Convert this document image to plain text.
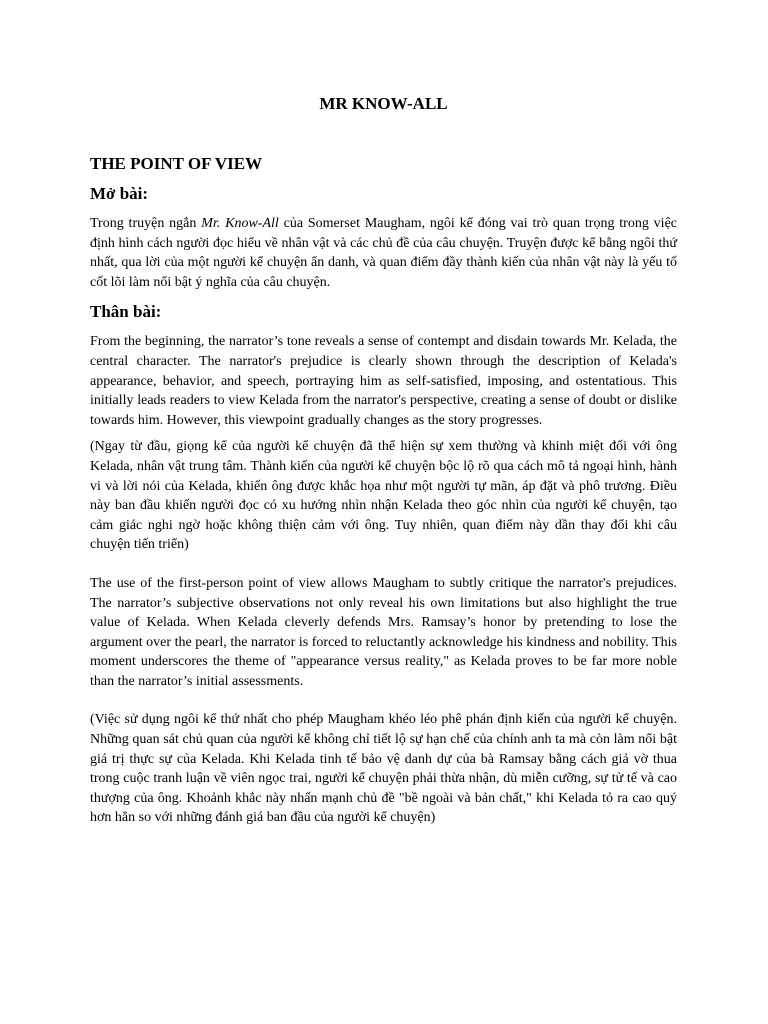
MR KNOW-ALL
THE POINT OF VIEW
Mở bài:

Trong truyện ngắn Mr. Know-All của Somerset Maugham, ngôi kể đóng vai trò quan trọng trong việc định hình cách người đọc hiểu về nhân vật và các chủ đề của câu chuyện. Truyện được kể bằng ngôi thứ nhất, qua lời của một người kể chuyện ẩn danh, và quan điểm đầy thành kiến của nhân vật này là yếu tố cốt lõi làm nổi bật ý nghĩa của câu chuyện.

Thân bài:

From the beginning, the narrator’s tone reveals a sense of contempt and disdain towards Mr. Kelada, the central character. The narrator's prejudice is clearly shown through the description of Kelada's appearance, behavior, and speech, portraying him as self-satisfied, imposing, and ostentatious. This initially leads readers to view Kelada from the narrator's perspective, creating a sense of doubt or dislike towards him. However, this viewpoint gradually changes as the story progresses.

(Ngay từ đầu, giọng kể của người kể chuyện đã thể hiện sự xem thường và khinh miệt đối với ông Kelada, nhân vật trung tâm. Thành kiến của người kể chuyện bộc lộ rõ qua cách mô tả ngoại hình, hành vi và lời nói của Kelada, khiến ông được khắc họa như một người tự mãn, áp đặt và phô trương. Điều này ban đầu khiến người đọc có xu hướng nhìn nhận Kelada theo góc nhìn của người kể chuyện, tạo cảm giác nghi ngờ hoặc không thiện cảm với ông. Tuy nhiên, quan điểm này dần thay đổi khi câu chuyện tiến triển)

The use of the first-person point of view allows Maugham to subtly critique the narrator's prejudices. The narrator’s subjective observations not only reveal his own limitations but also highlight the true value of Kelada. When Kelada cleverly defends Mrs. Ramsay’s honor by pretending to lose the argument over the pearl, the narrator is forced to reluctantly acknowledge his kindness and nobility. This moment underscores the theme of "appearance versus reality," as Kelada proves to be far more noble than the narrator’s initial assessments.

(Việc sử dụng ngôi kể thứ nhất cho phép Maugham khéo léo phê phán định kiến của người kể chuyện. Những quan sát chủ quan của người kể không chỉ tiết lộ sự hạn chế của chính anh ta mà còn làm nổi bật giá trị thực sự của Kelada. Khi Kelada tinh tế bảo vệ danh dự của bà Ramsay bằng cách giả vờ thua trong cuộc tranh luận về viên ngọc trai, người kể chuyện phải thừa nhận, dù miễn cưỡng, sự tử tế và cao thượng của ông. Khoảnh khắc này nhấn mạnh chủ đề "bề ngoài và bản chất," khi Kelada tỏ ra cao quý hơn hẳn so với những đánh giá ban đầu của người kể chuyện)
